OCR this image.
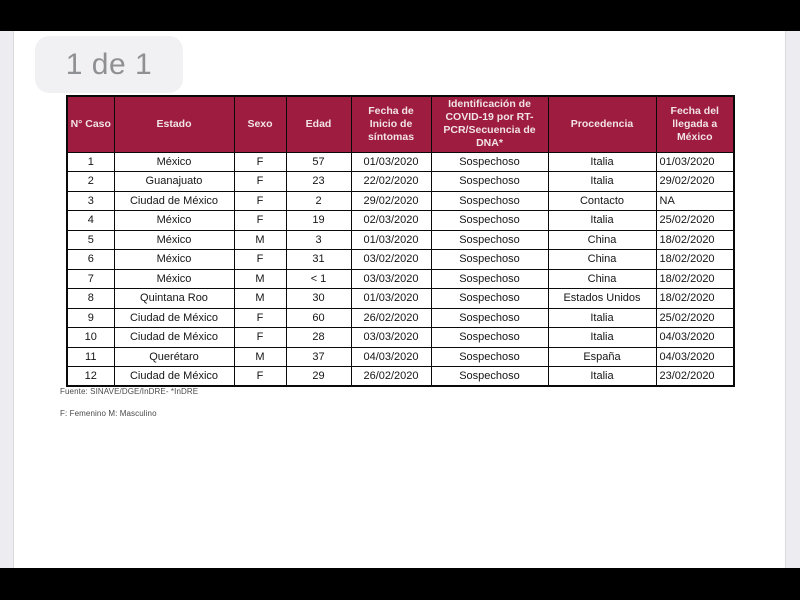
1 de 1
N° Caso	Estado	Sexo	Edad	Fecha de Inicio de síntomas	Identificación de COVID-19 por RT-PCR/Secuencia de DNA*	Procedencia	Fecha del llegada a México
1	México	F	57	01/03/2020	Sospechoso	Italia	01/03/2020
2	Guanajuato	F	23	22/02/2020	Sospechoso	Italia	29/02/2020
3	Ciudad de México	F	2	29/02/2020	Sospechoso	Contacto	NA
4	México	F	19	02/03/2020	Sospechoso	Italia	25/02/2020
5	México	M	3	01/03/2020	Sospechoso	China	18/02/2020
6	México	F	31	03/02/2020	Sospechoso	China	18/02/2020
7	México	M	< 1	03/03/2020	Sospechoso	China	18/02/2020
8	Quintana Roo	M	30	01/03/2020	Sospechoso	Estados Unidos	18/02/2020
9	Ciudad de México	F	60	26/02/2020	Sospechoso	Italia	25/02/2020
10	Ciudad de México	F	28	03/03/2020	Sospechoso	Italia	04/03/2020
11	Querétaro	M	37	04/03/2020	Sospechoso	España	04/03/2020
12	Ciudad de México	F	29	26/02/2020	Sospechoso	Italia	23/02/2020
Fuente: SINAVE/DGE/InDRE- *InDRE
F: Femenino M: Masculino
